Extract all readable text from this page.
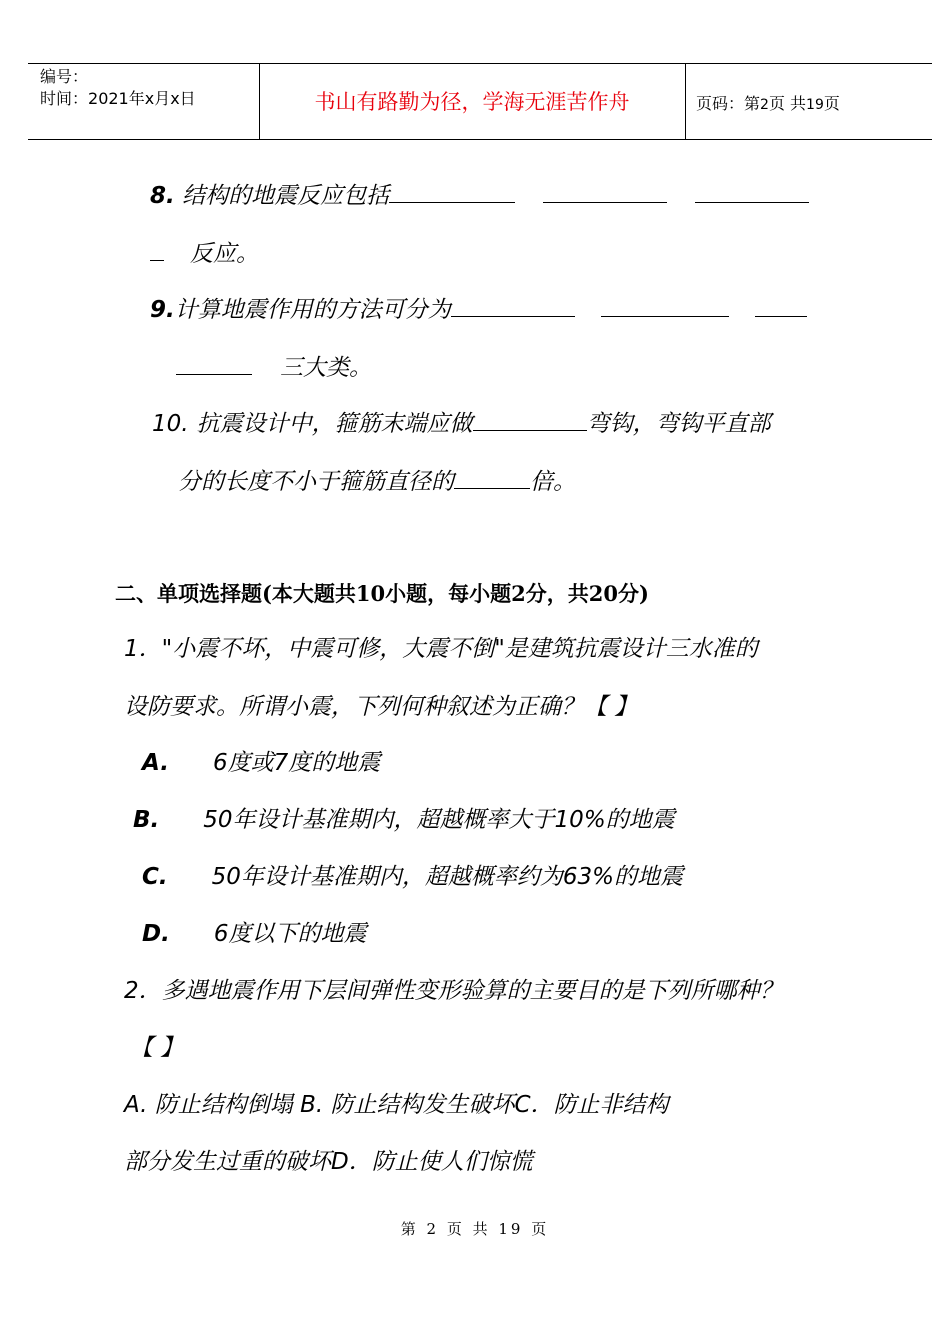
编号：
时间：2021年x月x日	书山有路勤为径，学海无涯苦作舟	页码：第2页 共19页
8. 结构的地震反应包括
反应。
9.计算地震作用的方法可分为
三大类。
10. 抗震设计中，箍筋末端应做	弯钩，弯钩平直部
分的长度不小于箍筋直径的	倍。
二、单项选择题(本大题共10小题，每小题2分，共20分)
1．"小震不坏，中震可修，大震不倒"是建筑抗震设计三水准的
设防要求。所谓小震，下列何种叙述为正确？【 】
A. 6度或7度的地震
B. 50年设计基准期内，超越概率大于10%的地震
C. 50年设计基准期内，超越概率约为63%的地震
D. 6度以下的地震
2．多遇地震作用下层间弹性变形验算的主要目的是下列所哪种？
【 】
A. 防止结构倒塌 B. 防止结构发生破坏C．防止非结构
部分发生过重的破坏D．防止使人们惊慌
第 2 页 共 19 页
